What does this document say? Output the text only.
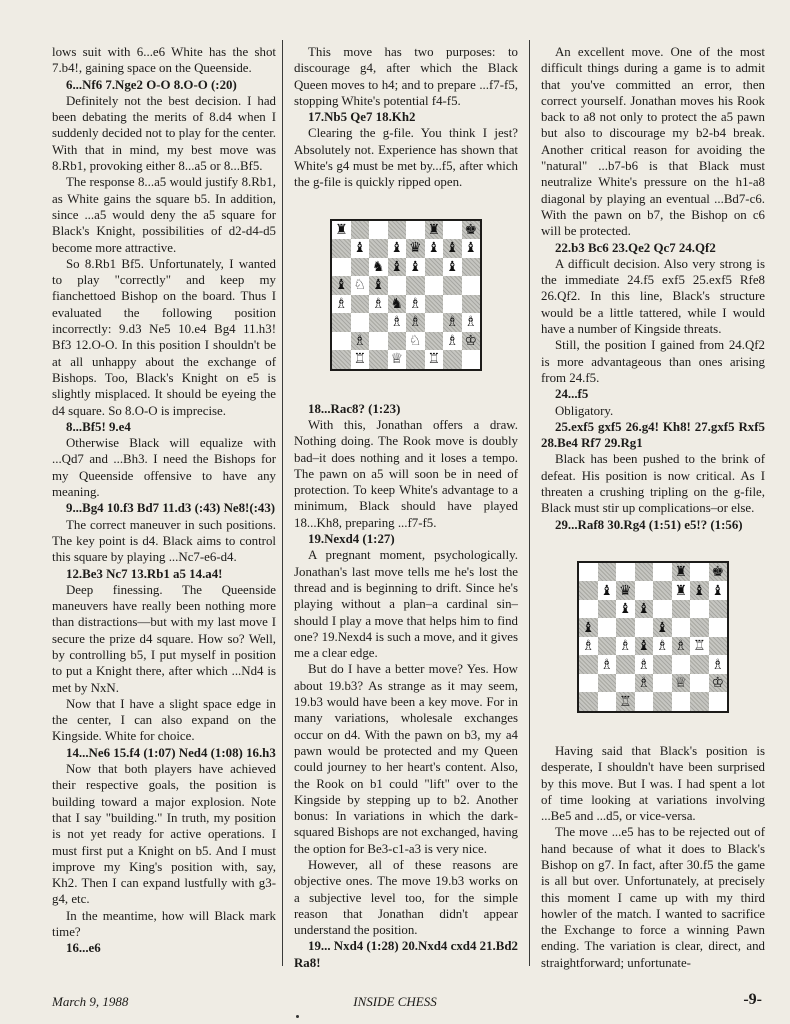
lows suit with 6...e6 White has the shot 7.b4!, gaining space on the Queenside.

6...Nf6 7.Nge2 O-O 8.O-O (:20)

Definitely not the best decision. I had been debating the merits of 8.d4 when I suddenly decided not to play for the center. With that in mind, my best move was 8.Rb1, provoking either 8...a5 or 8...Bf5.

The response 8...a5 would justify 8.Rb1, as White gains the square b5. In addition, since ...a5 would deny the a5 square for Black's Knight, possibilities of d2-d4-d5 become more attractive.

So 8.Rb1 Bf5. Unfortunately, I wanted to play "correctly" and keep my fianchettoed Bishop on the board. Thus I evaluated the following position incorrectly: 9.d3 Ne5 10.e4 Bg4 11.h3! Bf3 12.O-O. In this position I shouldn't be at all unhappy about the exchange of Bishops. Too, Black's Knight on e5 is slightly misplaced. It should be eyeing the d4 square. So 8.O-O is imprecise.

8...Bf5! 9.e4

Otherwise Black will equalize with ...Qd7 and ...Bh3. I need the Bishops for my Queenside offensive to have any meaning.

9...Bg4 10.f3 Bd7 11.d3 (:43) Ne8!(:43)

The correct maneuver in such positions. The key point is d4. Black aims to control this square by playing ...Nc7-e6-d4.

12.Be3 Nc7 13.Rb1 a5 14.a4!

Deep finessing. The Queenside maneuvers have really been nothing more than distractions—but with my last move I secure the prize d4 square. How so? Well, by controlling b5, I put myself in position to put a Knight there, after which ...Nd4 is met by NxN.

Now that I have a slight space edge in the center, I can also expand on the Kingside. White for choice.

14...Ne6 15.f4 (1:07) Ned4 (1:08) 16.h3

Now that both players have achieved their respective goals, the position is building toward a major explosion. Note that I say "building." In truth, my position is not yet ready for active operations. I must first put a Knight on b5. And I must improve my King's position with, say, Kh2. Then I can expand lustfully with g3-g4, etc.

In the meantime, how will Black mark time?

16...e6

This move has two purposes: to discourage g4, after which the Black Queen moves to h4; and to prepare ...f7-f5, stopping White's potential f4-f5.

17.Nb5 Qe7 18.Kh2

Clearing the g-file. You think I jest? Absolutely not. Experience has shown that White's g4 must be met by...f5, after which the g-file is quickly ripped open.

♜	♜ ♚
♝ ♝ ♛ ♝ ♝ ♝
♞ ♝ ♝ ♝
♝ ♘ ♝
♗ ♗ ♞ ♗
♗ ♗ ♗ ♗
♗	♘ ♗ ♔
♖ ♕ ♖

18...Rac8? (1:23)

With this, Jonathan offers a draw. Nothing doing. The Rook move is doubly bad–it does nothing and it loses a tempo. The pawn on a5 will soon be in need of protection. To keep White's advantage to a minimum, Black should have played 18...Kh8, preparing ...f7-f5.

19.Nexd4 (1:27)

A pregnant moment, psychologically. Jonathan's last move tells me he's lost the thread and is beginning to drift. Since he's playing without a plan–a cardinal sin–should I play a move that helps him to find one? 19.Nexd4 is such a move, and it gives me a clear edge.

But do I have a better move? Yes. How about 19.b3? As strange as it may seem, 19.b3 would have been a key move. For in many variations, wholesale exchanges occur on d4. With the pawn on b3, my a4 pawn would be protected and my Queen could journey to her heart's content. Also, the Rook on b1 could "lift" over to the Kingside by stepping up to b2. Another bonus: In variations in which the dark-squared Bishops are not exchanged, having the option for Be3-c1-a3 is very nice.

However, all of these reasons are objective ones. The move 19.b3 works on a subjective level too, for the simple reason that Jonathan didn't appear understand the position.

19... Nxd4 (1:28) 20.Nxd4 cxd4 21.Bd2 Ra8!

An excellent move. One of the most difficult things during a game is to admit that you've committed an error, then correct yourself. Jonathan moves his Rook back to a8 not only to protect the a5 pawn but also to discourage my b2-b4 break. Another critical reason for avoiding the "natural" ...b7-b6 is that Black must neutralize White's pressure on the h1-a8 diagonal by playing an eventual ...Bd7-c6. With the pawn on b7, the Bishop on c6 will be protected.

22.b3 Bc6 23.Qe2 Qc7 24.Qf2

A difficult decision. Also very strong is the immediate 24.f5 exf5 25.exf5 Rfe8 26.Qf2. In this line, Black's structure would be a little tattered, while I would have a number of Kingside threats.

Still, the position I gained from 24.Qf2 is more advantageous than ones arising from 24.f5.

24...f5

Obligatory.

25.exf5 gxf5 26.g4! Kh8! 27.gxf5 Rxf5 28.Be4 Rf7 29.Rg1

Black has been pushed to the brink of defeat. His position is now critical. As I threaten a crushing tripling on the g-file, Black must stir up complications–or else.

29...Raf8 30.Rg4 (1:51) e5!? (1:56)

♜ ♚
♝ ♛	♜ ♝ ♝
♝ ♝
♝	♝
♗ ♗ ♝ ♗ ♗ ♖
♗ ♗	♗
♗ ♕ ♔
♖

Having said that Black's position is desperate, I shouldn't have been surprised by this move. But I was. I had spent a lot of time looking at variations involving ...Be5 and ...d5, or vice-versa.

The move ...e5 has to be rejected out of hand because of what it does to Black's Bishop on g7. In fact, after 30.f5 the game is all but over. Unfortunately, at precisely this moment I came up with my third howler of the match. I wanted to sacrifice the Exchange to force a winning Pawn ending. The variation is clear, direct, and straightforward; unfortunate-

March 9, 1988	INSIDE CHESS	-9-
